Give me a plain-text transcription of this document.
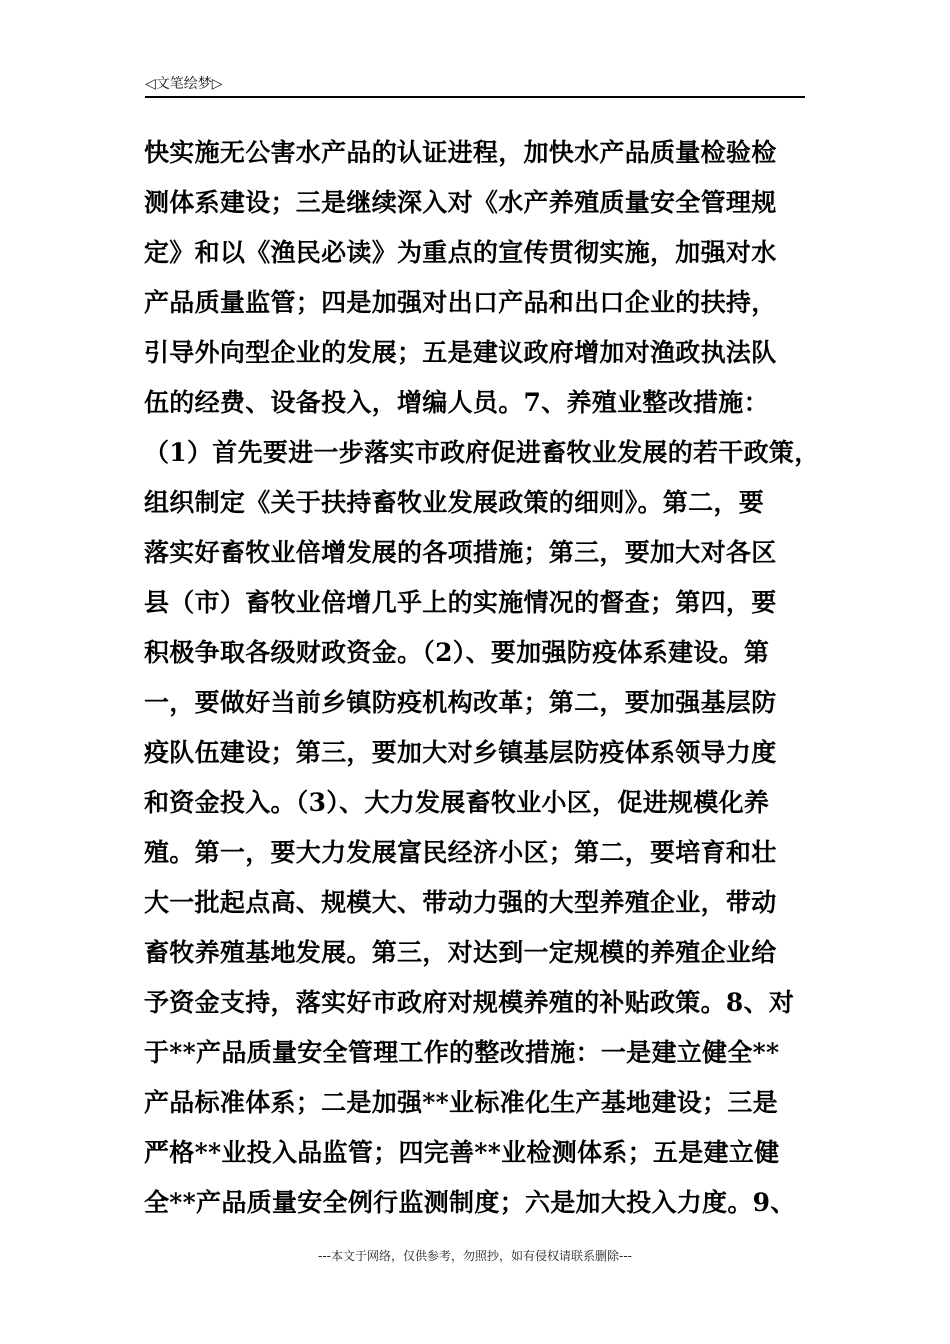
◁文笔绘梦▷
快实施无公害水产品的认证进程，加快水产品质量检验检
测体系建设；三是继续深入对《水产养殖质量安全管理规
定》和以《渔民必读》为重点的宣传贯彻实施，加强对水
产品质量监管；四是加强对出口产品和出口企业的扶持，
引导外向型企业的发展；五是建议政府增加对渔政执法队
伍的经费、设备投入，增编人员。7、养殖业整改措施：
（1）首先要进一步落实市政府促进畜牧业发展的若干政策，
组织制定《关于扶持畜牧业发展政策的细则》。第二，要
落实好畜牧业倍增发展的各项措施；第三，要加大对各区
县（市）畜牧业倍增几乎上的实施情况的督查；第四，要
积极争取各级财政资金。（2）、要加强防疫体系建设。第
一，要做好当前乡镇防疫机构改革；第二，要加强基层防
疫队伍建设；第三，要加大对乡镇基层防疫体系领导力度
和资金投入。（3）、大力发展畜牧业小区，促进规模化养
殖。第一，要大力发展富民经济小区；第二，要培育和壮
大一批起点高、规模大、带动力强的大型养殖企业，带动
畜牧养殖基地发展。第三，对达到一定规模的养殖企业给
予资金支持，落实好市政府对规模养殖的补贴政策。8、对
于**产品质量安全管理工作的整改措施：一是建立健全**
产品标准体系；二是加强**业标准化生产基地建设；三是
严格**业投入品监管；四完善**业检测体系；五是建立健
全**产品质量安全例行监测制度；六是加大投入力度。9、
---本文于网络，仅供参考，勿照抄，如有侵权请联系删除---
